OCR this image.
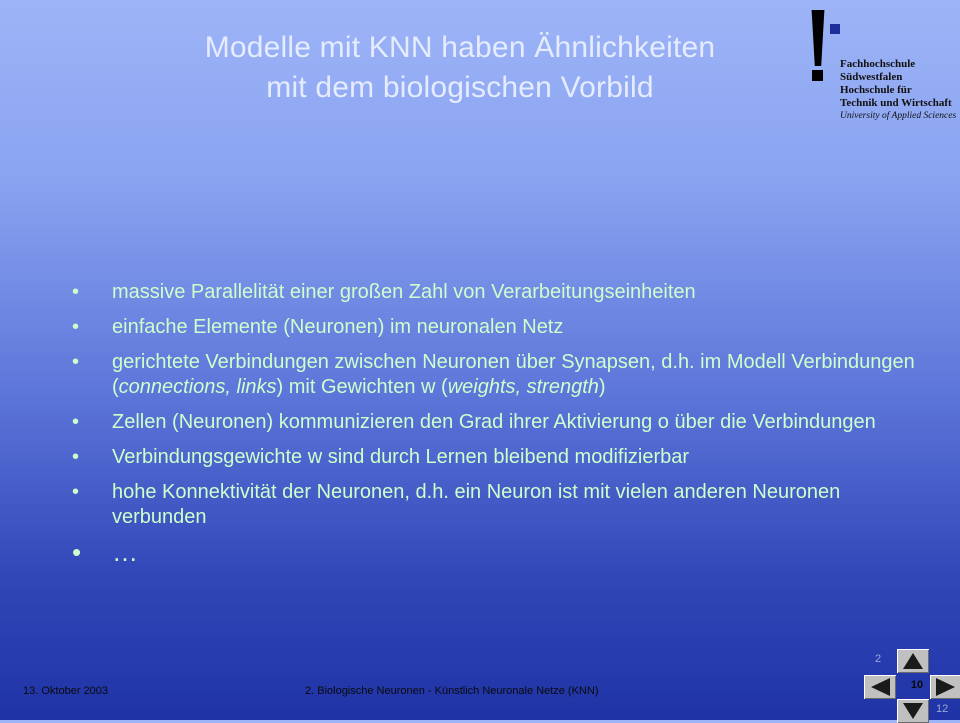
Modelle mit KNN haben Ähnlichkeiten
mit dem biologischen Vorbild
Fachhochschule
Südwestfalen
Hochschule für
Technik und Wirtschaft
University of Applied Sciences
• massive Parallelität einer großen Zahl von Verarbeitungseinheiten
• einfache Elemente (Neuronen) im neuronalen Netz
• gerichtete Verbindungen zwischen Neuronen über Synapsen, d.h. im Modell Verbindungen (connections, links) mit Gewichten w (weights, strength)
• Zellen (Neuronen) kommunizieren den Grad ihrer Aktivierung o über die Verbindungen
• Verbindungsgewichte w sind durch Lernen bleibend modifizierbar
• hohe Konnektivität der Neuronen, d.h. ein Neuron ist mit vielen anderen Neuronen verbunden
• …
13. Oktober 2003	2. Biologische Neuronen - Künstlich Neuronale Netze (KNN)
2
10
12
